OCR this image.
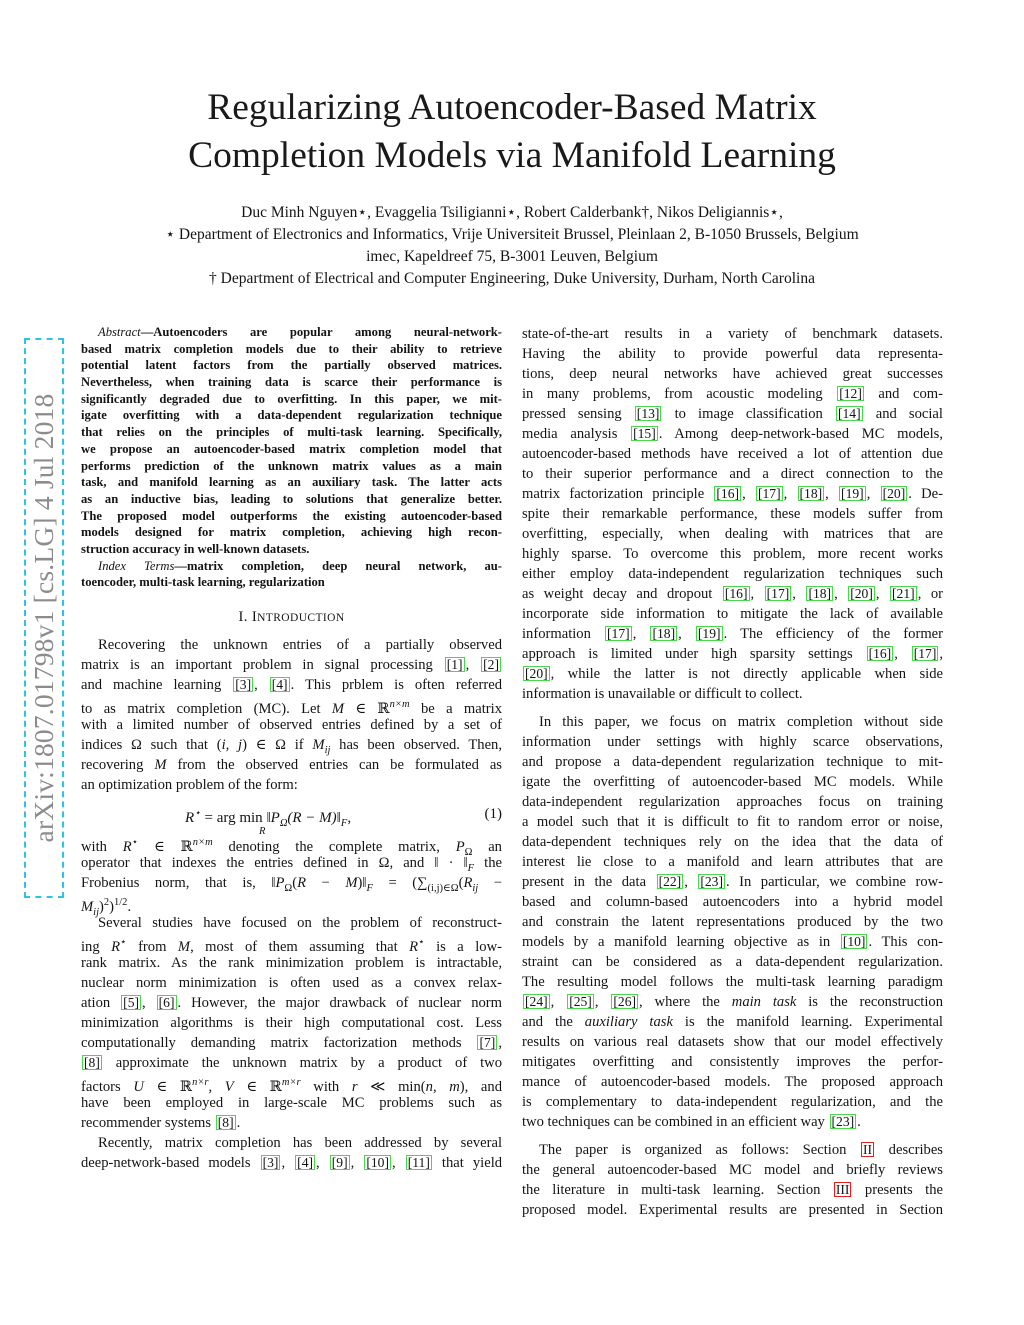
arXiv:1807.01798v1 [cs.LG] 4 Jul 2018
Regularizing Autoencoder-Based Matrix
Completion Models via Manifold Learning
Duc Minh Nguyen⋆, Evaggelia Tsiligianni⋆, Robert Calderbank†, Nikos Deligiannis⋆,
⋆ Department of Electronics and Informatics, Vrije Universiteit Brussel, Pleinlaan 2, B-1050 Brussels, Belgium
imec, Kapeldreef 75, B-3001 Leuven, Belgium
† Department of Electrical and Computer Engineering, Duke University, Durham, North Carolina
Abstract—Autoencoders are popular among neural-network-
based matrix completion models due to their ability to retrieve
potential latent factors from the partially observed matrices.
Nevertheless, when training data is scarce their performance is
significantly degraded due to overfitting. In this paper, we mit-
igate overfitting with a data-dependent regularization technique
that relies on the principles of multi-task learning. Specifically,
we propose an autoencoder-based matrix completion model that
performs prediction of the unknown matrix values as a main
task, and manifold learning as an auxiliary task. The latter acts
as an inductive bias, leading to solutions that generalize better.
The proposed model outperforms the existing autoencoder-based
models designed for matrix completion, achieving high recon-
struction accuracy in well-known datasets.
Index Terms—matrix completion, deep neural network, au-
toencoder, multi-task learning, regularization
I. INTRODUCTION
Recovering the unknown entries of a partially observed
matrix is an important problem in signal processing [1] , [2]
and machine learning [3] , [4] . This prblem is often referred
to as matrix completion (MC). Let M ∈ ℝ$^{n\times m}$ be a matrix
with a limited number of observed entries defined by a set of
indices Ω such that (i, j) ∈ Ω if $M_{ij}$ has been observed. Then,
recovering M from the observed entries can be formulated as
an optimization problem of the form:
R⋆ = arg $\min ‖P_\Omega(R$ − $M)‖_F$,
R
(1)
with R⋆ ∈ ℝ$^{n\times m}$ denoting the complete matrix, $P_\Omega$ an
operator that indexes the entries defined in Ω, and ‖ · $‖_F$ the
Frobenius norm, that is, $‖P_\Omega(R$ − $M)‖_F = (\sum_{(i,j)\in\Omega}(R_{ij}$ −
$M_{ij})^2)^{1/2}$.
Several studies have focused on the problem of reconstruct-
ing R⋆ from M, most of them assuming that R⋆ is a low-
rank matrix. As the rank minimization problem is intractable,
nuclear norm minimization is often used as a convex relax-
ation [5] , [6] . However, the major drawback of nuclear norm
minimization algorithms is their high computational cost. Less
computationally demanding matrix factorization methods [7] ,
[8] approximate the unknown matrix by a product of two
factors U ∈ ℝ$^{n\times r}$, V ∈ ℝ$^{m\times r}$ with r ≪ min(n, m), and
have been employed in large-scale MC problems such as
recommender systems [8] .
Recently, matrix completion has been addressed by several
deep-network-based models [3] , [4] , [9] , [10] , [11] that yield
state-of-the-art results in a variety of benchmark datasets.
Having the ability to provide powerful data representa-
tions, deep neural networks have achieved great successes
in many problems, from acoustic modeling [12] and com-
pressed sensing [13] to image classification [14] and social
media analysis [15] . Among deep-network-based MC models,
autoencoder-based methods have received a lot of attention due
to their superior performance and a direct connection to the
matrix factorization principle [16] , [17] , [18] , [19] , [20] . De-
spite their remarkable performance, these models suffer from
overfitting, especially, when dealing with matrices that are
highly sparse. To overcome this problem, more recent works
either employ data-independent regularization techniques such
as weight decay and dropout [16] , [17] , [18] , [20] , [21] , or
incorporate side information to mitigate the lack of available
information [17] , [18] , [19] . The efficiency of the former
approach is limited under high sparsity settings [16] , [17] ,
[20] , while the latter is not directly applicable when side
information is unavailable or difficult to collect.
In this paper, we focus on matrix completion without side
information under settings with highly scarce observations,
and propose a data-dependent regularization technique to mit-
igate the overfitting of autoencoder-based MC models. While
data-independent regularization approaches focus on training
a model such that it is difficult to fit to random error or noise,
data-dependent techniques rely on the idea that the data of
interest lie close to a manifold and learn attributes that are
present in the data [22] , [23] . In particular, we combine row-
based and column-based autoencoders into a hybrid model
and constrain the latent representations produced by the two
models by a manifold learning objective as in [10] . This con-
straint can be considered as a data-dependent regularization.
The resulting model follows the multi-task learning paradigm
[24] , [25] , [26] , where the main task is the reconstruction
and the auxiliary task is the manifold learning. Experimental
results on various real datasets show that our model effectively
mitigates overfitting and consistently improves the perfor-
mance of autoencoder-based models. The proposed approach
is complementary to data-independent regularization, and the
two techniques can be combined in an efficient way [23] .
The paper is organized as follows: Section II describes
the general autoencoder-based MC model and briefly reviews
the literature in multi-task learning. Section III presents the
proposed model. Experimental results are presented in Section
